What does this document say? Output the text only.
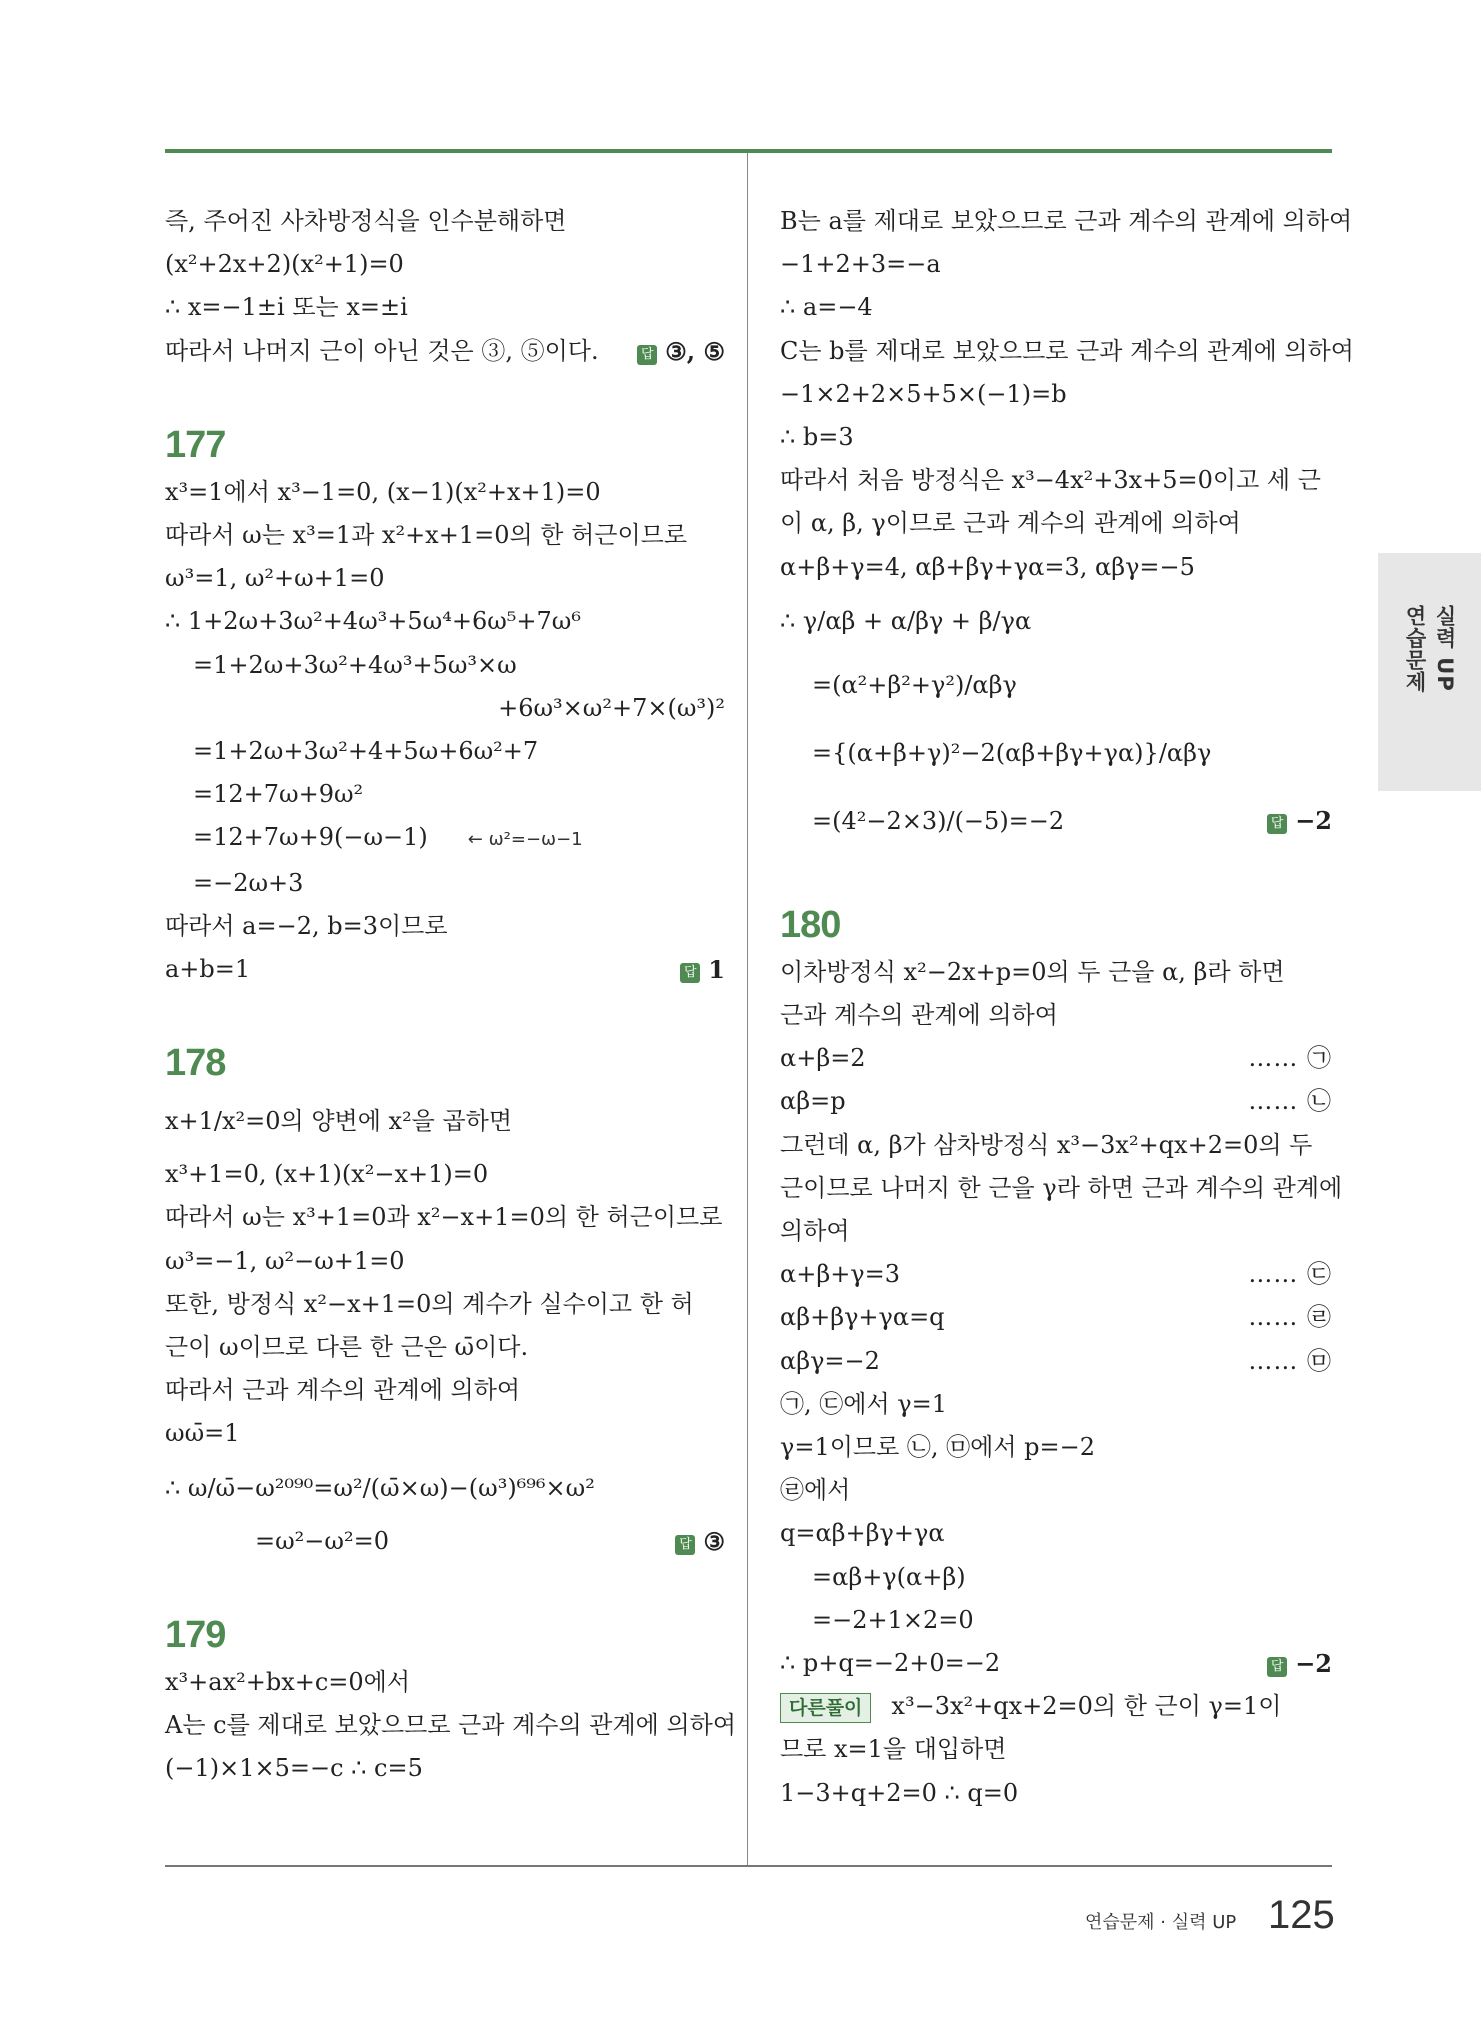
즉, 주어진 사차방정식을 인수분해하면
(x²+2x+2)(x²+1)=0
∴ x=−1±i 또는 x=±i
따라서 나머지 근이 아닌 것은 ③, ⑤이다.	답 ③, ⑤
177
x³=1에서 x³−1=0, (x−1)(x²+x+1)=0
따라서 ω는 x³=1과 x²+x+1=0의 한 허근이므로
ω³=1, ω²+ω+1=0
∴ 1+2ω+3ω²+4ω³+5ω⁴+6ω⁵+7ω⁶
=1+2ω+3ω²+4ω³+5ω³×ω
+6ω³×ω²+7×(ω³)²
=1+2ω+3ω²+4+5ω+6ω²+7
=12+7ω+9ω²
=12+7ω+9(−ω−1) ← ω²=−ω−1
=−2ω+3
따라서 a=−2, b=3이므로
a+b=1	답 1
178
x+1/x²=0의 양변에 x²을 곱하면
x³+1=0, (x+1)(x²−x+1)=0
따라서 ω는 x³+1=0과 x²−x+1=0의 한 허근이므로
ω³=−1, ω²−ω+1=0
또한, 방정식 x²−x+1=0의 계수가 실수이고 한 허
근이 ω이므로 다른 한 근은 ω̄이다.
따라서 근과 계수의 관계에 의하여
ωω̄=1
∴ ω/ω̄−ω²⁰⁹⁰=ω²/(ω̄×ω)−(ω³)⁶⁹⁶×ω²
=ω²−ω²=0	답 ③
179
x³+ax²+bx+c=0에서
A는 c를 제대로 보았으므로 근과 계수의 관계에 의하여
(−1)×1×5=−c ∴ c=5
B는 a를 제대로 보았으므로 근과 계수의 관계에 의하여
−1+2+3=−a
∴ a=−4
C는 b를 제대로 보았으므로 근과 계수의 관계에 의하여
−1×2+2×5+5×(−1)=b
∴ b=3
따라서 처음 방정식은 x³−4x²+3x+5=0이고 세 근
이 α, β, γ이므로 근과 계수의 관계에 의하여
α+β+γ=4, αβ+βγ+γα=3, αβγ=−5
∴ γ/αβ + α/βγ + β/γα
=(α²+β²+γ²)/αβγ
={(α+β+γ)²−2(αβ+βγ+γα)}/αβγ
=(4²−2×3)/(−5)=−2	답 −2
180
이차방정식 x²−2x+p=0의 두 근을 α, β라 하면
근과 계수의 관계에 의하여
α+β=2	…… ㉠
αβ=p	…… ㉡
그런데 α, β가 삼차방정식 x³−3x²+qx+2=0의 두
근이므로 나머지 한 근을 γ라 하면 근과 계수의 관계에
의하여
α+β+γ=3	…… ㉢
αβ+βγ+γα=q	…… ㉣
αβγ=−2	…… ㉤
㉠, ㉢에서 γ=1
γ=1이므로 ㉡, ㉤에서 p=−2
㉣에서
q=αβ+βγ+γα
=αβ+γ(α+β)
=−2+1×2=0
∴ p+q=−2+0=−2	답 −2
다른풀이 x³−3x²+qx+2=0의 한 근이 γ=1이
므로 x=1을 대입하면
1−3+q+2=0 ∴ q=0
실력 UP
연습문제
연습문제 · 실력 UP 125
